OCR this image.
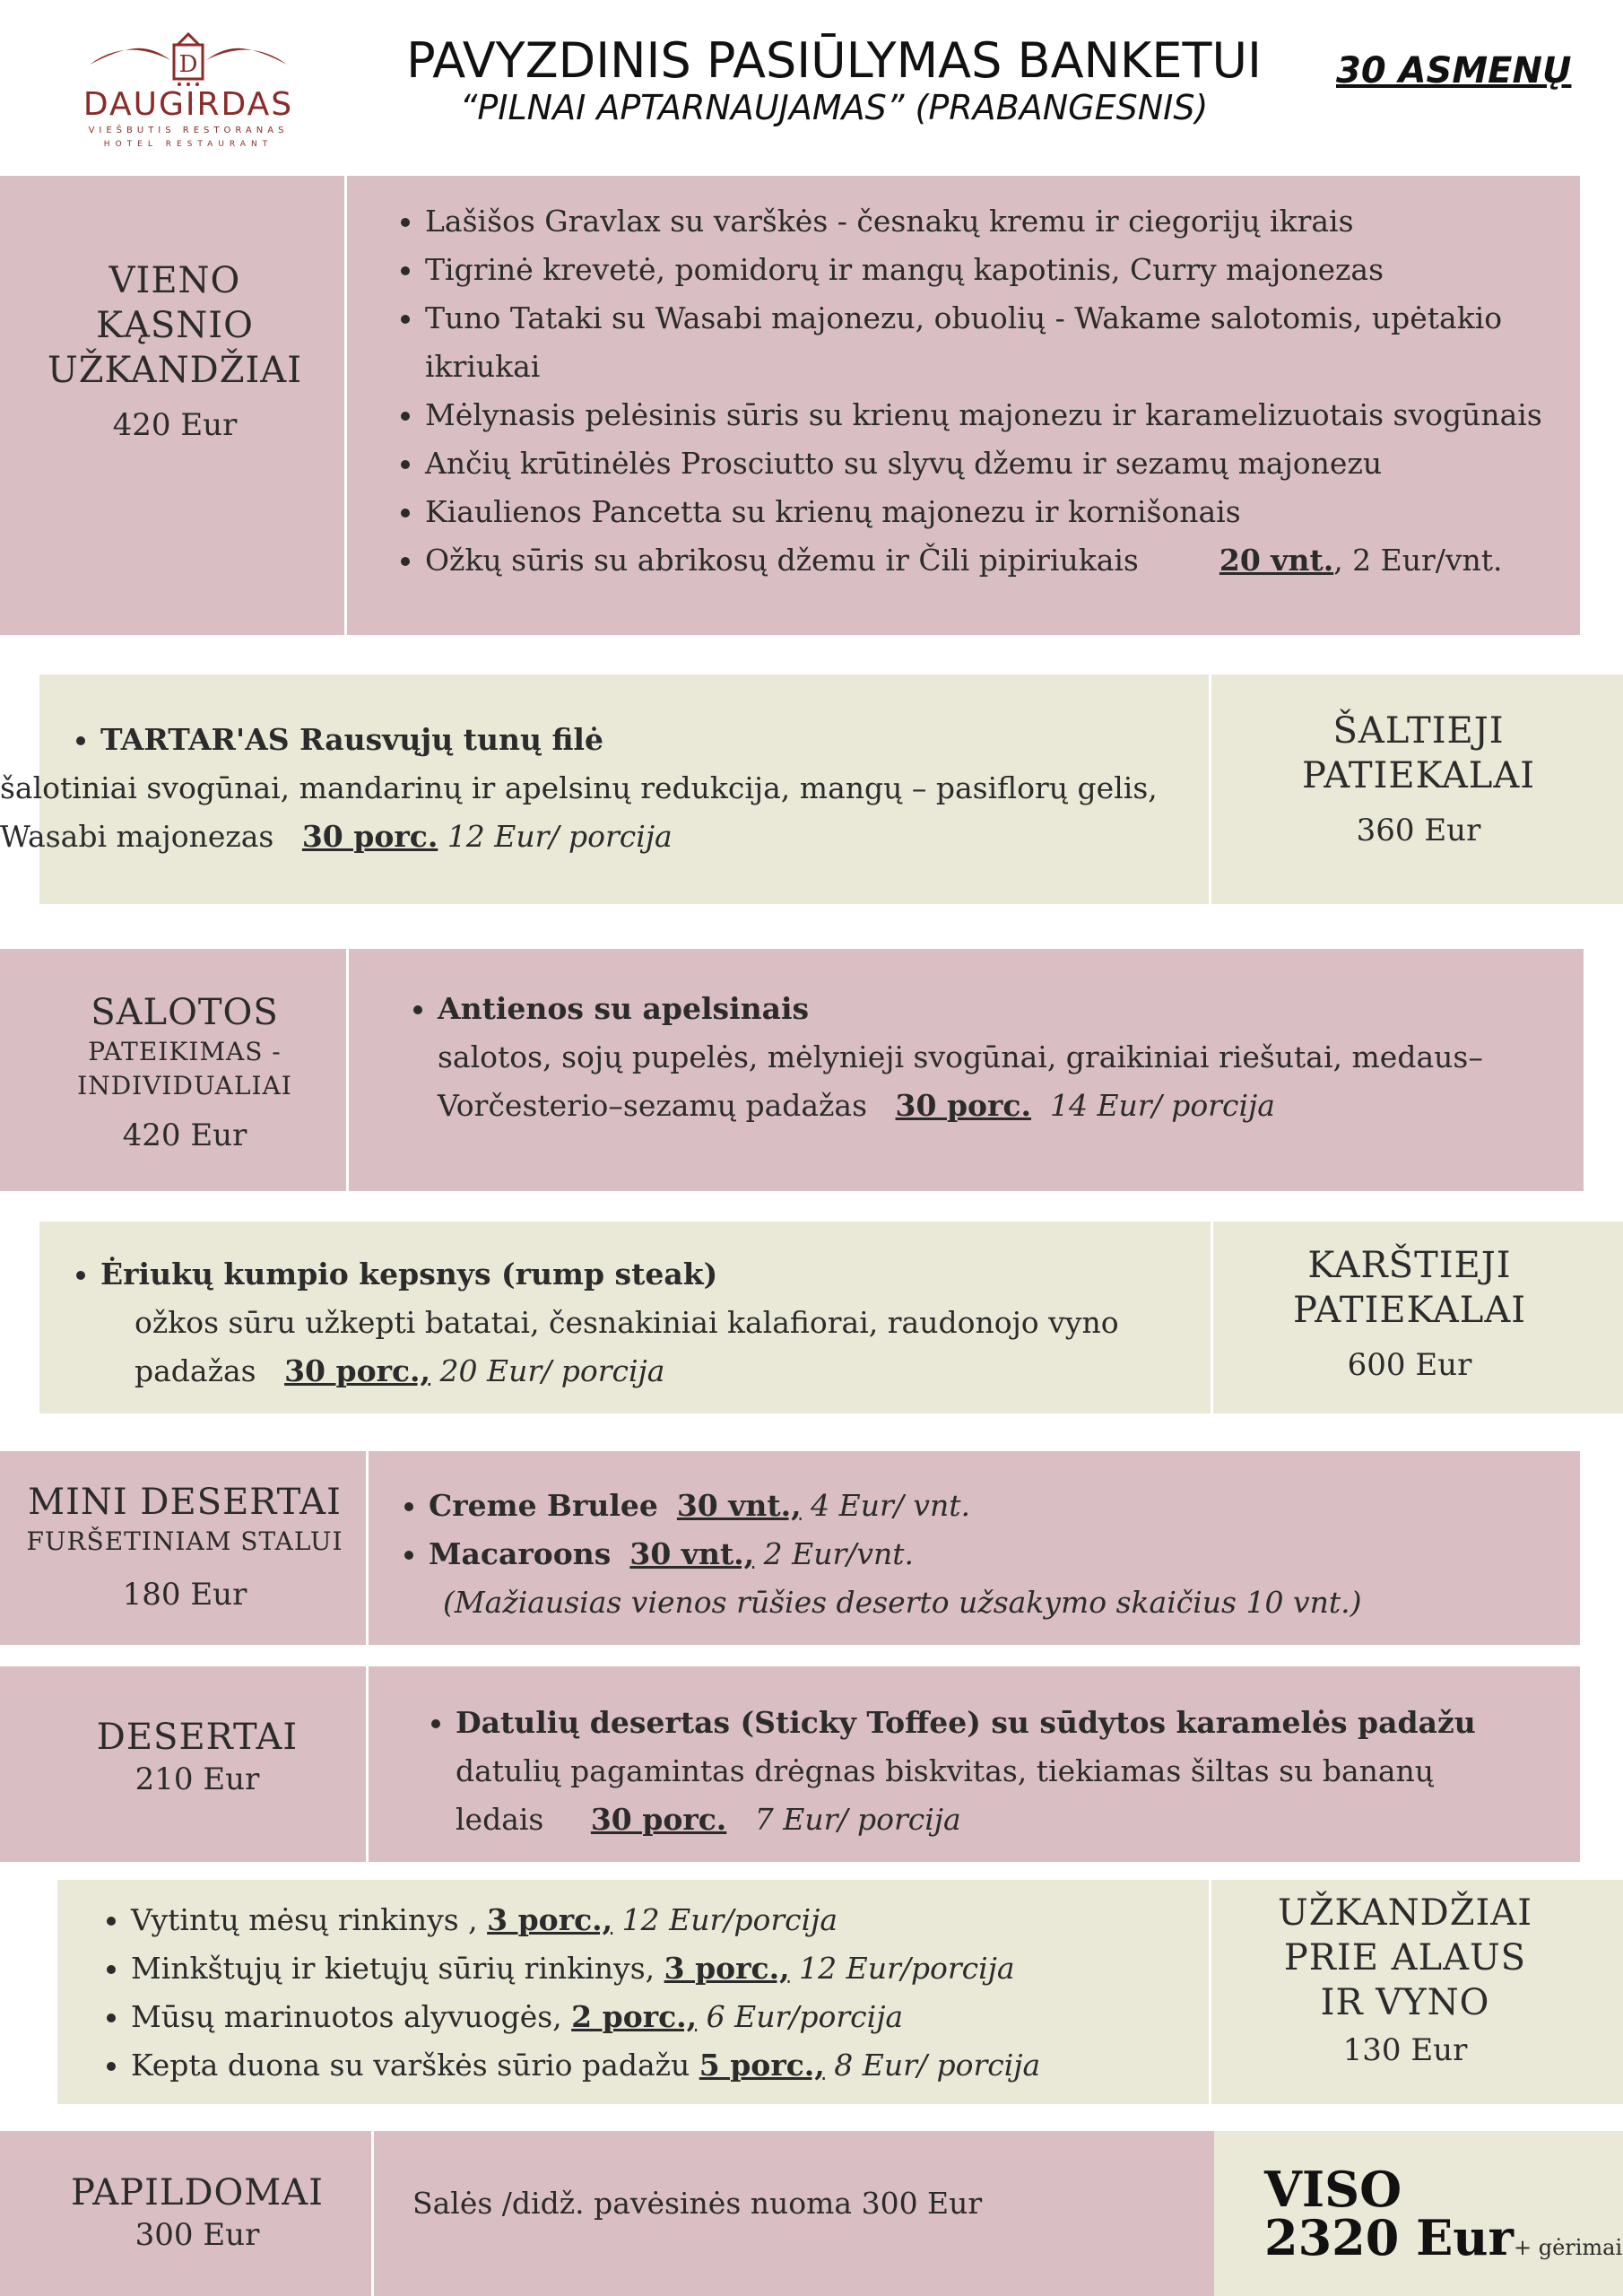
D
DAUGIRDAS
VIEŠBUTIS RESTORANAS
HOTEL RESTAURANT
PAVYZDINIS PASIŪLYMAS BANKETUI
“PILNAI APTARNAUJAMAS” (PRABANGESNIS)
30 ASMENŲ
VIENO
KĄSNIO
UŽKANDŽIAI
420 Eur
• Lašišos Gravlax su varškės - česnakų kremu ir ciegorijų ikrais
• Tigrinė krevetė, pomidorų ir mangų kapotinis, Curry majonezas
• Tuno Tataki su Wasabi majonezu, obuolių - Wakame salotomis, upėtakio ikriukai
• Mėlynasis pelėsinis sūris su krienų majonezu ir karamelizuotais svogūnais
• Ančių krūtinėlės Prosciutto su slyvų džemu ir sezamų majonezu
• Kiaulienos Pancetta su krienų majonezu ir kornišonais
• Ožkų sūris su abrikosų džemu ir Čili pipiriukais	20 vnt., 2 Eur/vnt.
• TARTAR'AS Rausvųjų tunų filė
šalotiniai svogūnai, mandarinų ir apelsinų redukcija, mangų – pasiflorų gelis, Wasabi majonezas 30 porc. 12 Eur/ porcija
ŠALTIEJI
PATIEKALAI
360 Eur
SALOTOS
PATEIKIMAS -
INDIVIDUALIAI
420 Eur
• Antienos su apelsinais
salotos, sojų pupelės, mėlynieji svogūnai, graikiniai riešutai, medaus–Vorčesterio–sezamų padažas 30 porc. 14 Eur/ porcija
• Ėriukų kumpio kepsnys (rump steak)
ožkos sūru užkepti batatai, česnakiniai kalafiorai, raudonojo vyno padažas 30 porc., 20 Eur/ porcija
KARŠTIEJI
PATIEKALAI
600 Eur
MINI DESERTAI
FURŠETINIAM STALUI
180 Eur
• Creme Brulee 30 vnt., 4 Eur/ vnt.
• Macaroons 30 vnt., 2 Eur/vnt.
(Mažiausias vienos rūšies deserto užsakymo skaičius 10 vnt.)
DESERTAI
210 Eur
• Datulių desertas (Sticky Toffee) su sūdytos karamelės padažu
datulių pagamintas drėgnas biskvitas, tiekiamas šiltas su bananų ledais 30 porc. 7 Eur/ porcija
• Vytintų mėsų rinkinys , 3 porc., 12 Eur/porcija
• Minkštųjų ir kietųjų sūrių rinkinys, 3 porc., 12 Eur/porcija
• Mūsų marinuotos alyvuogės, 2 porc., 6 Eur/porcija
• Kepta duona su varškės sūrio padažu 5 porc., 8 Eur/ porcija
UŽKANDŽIAI
PRIE ALAUS
IR VYNO
130 Eur
PAPILDOMAI
300 Eur
Salės /didž. pavėsinės nuoma 300 Eur	VISO
2320 Eur+ gėrimai
